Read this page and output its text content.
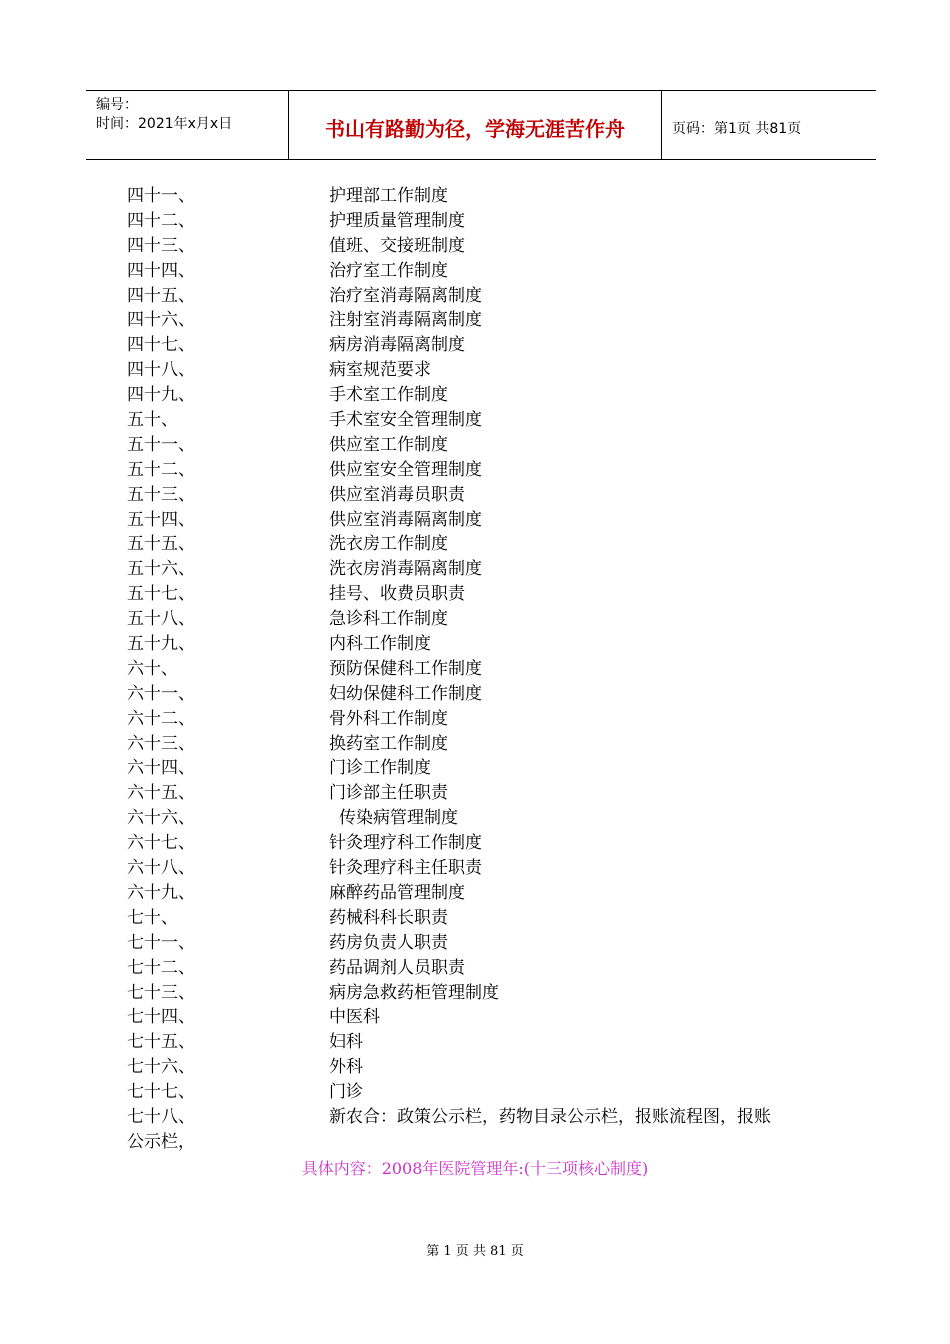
编号：
时间：2021年x月x日	书山有路勤为径，学海无涯苦作舟	页码：第1页 共81页
四十一、	护理部工作制度
四十二、	护理质量管理制度
四十三、	值班、交接班制度
四十四、	治疗室工作制度
四十五、	治疗室消毒隔离制度
四十六、	注射室消毒隔离制度
四十七、	病房消毒隔离制度
四十八、	病室规范要求
四十九、	手术室工作制度
五十、	手术室安全管理制度
五十一、	供应室工作制度
五十二、	供应室安全管理制度
五十三、	供应室消毒员职责
五十四、	供应室消毒隔离制度
五十五、	洗衣房工作制度
五十六、	洗衣房消毒隔离制度
五十七、	挂号、收费员职责
五十八、	急诊科工作制度
五十九、	内科工作制度
六十、	预防保健科工作制度
六十一、	妇幼保健科工作制度
六十二、	骨外科工作制度
六十三、	换药室工作制度
六十四、	门诊工作制度
六十五、	门诊部主任职责
六十六、	传染病管理制度
六十七、	针灸理疗科工作制度
六十八、	针灸理疗科主任职责
六十九、	麻醉药品管理制度
七十、	药械科科长职责
七十一、	药房负责人职责
七十二、	药品调剂人员职责
七十三、	病房急救药柜管理制度
七十四、	中医科
七十五、	妇科
七十六、	外科
七十七、	门诊
七十八、	新农合：政策公示栏，药物目录公示栏，报账流程图，报账
公示栏，
具体内容：2008年医院管理年:(十三项核心制度)
第 1 页 共 81 页
